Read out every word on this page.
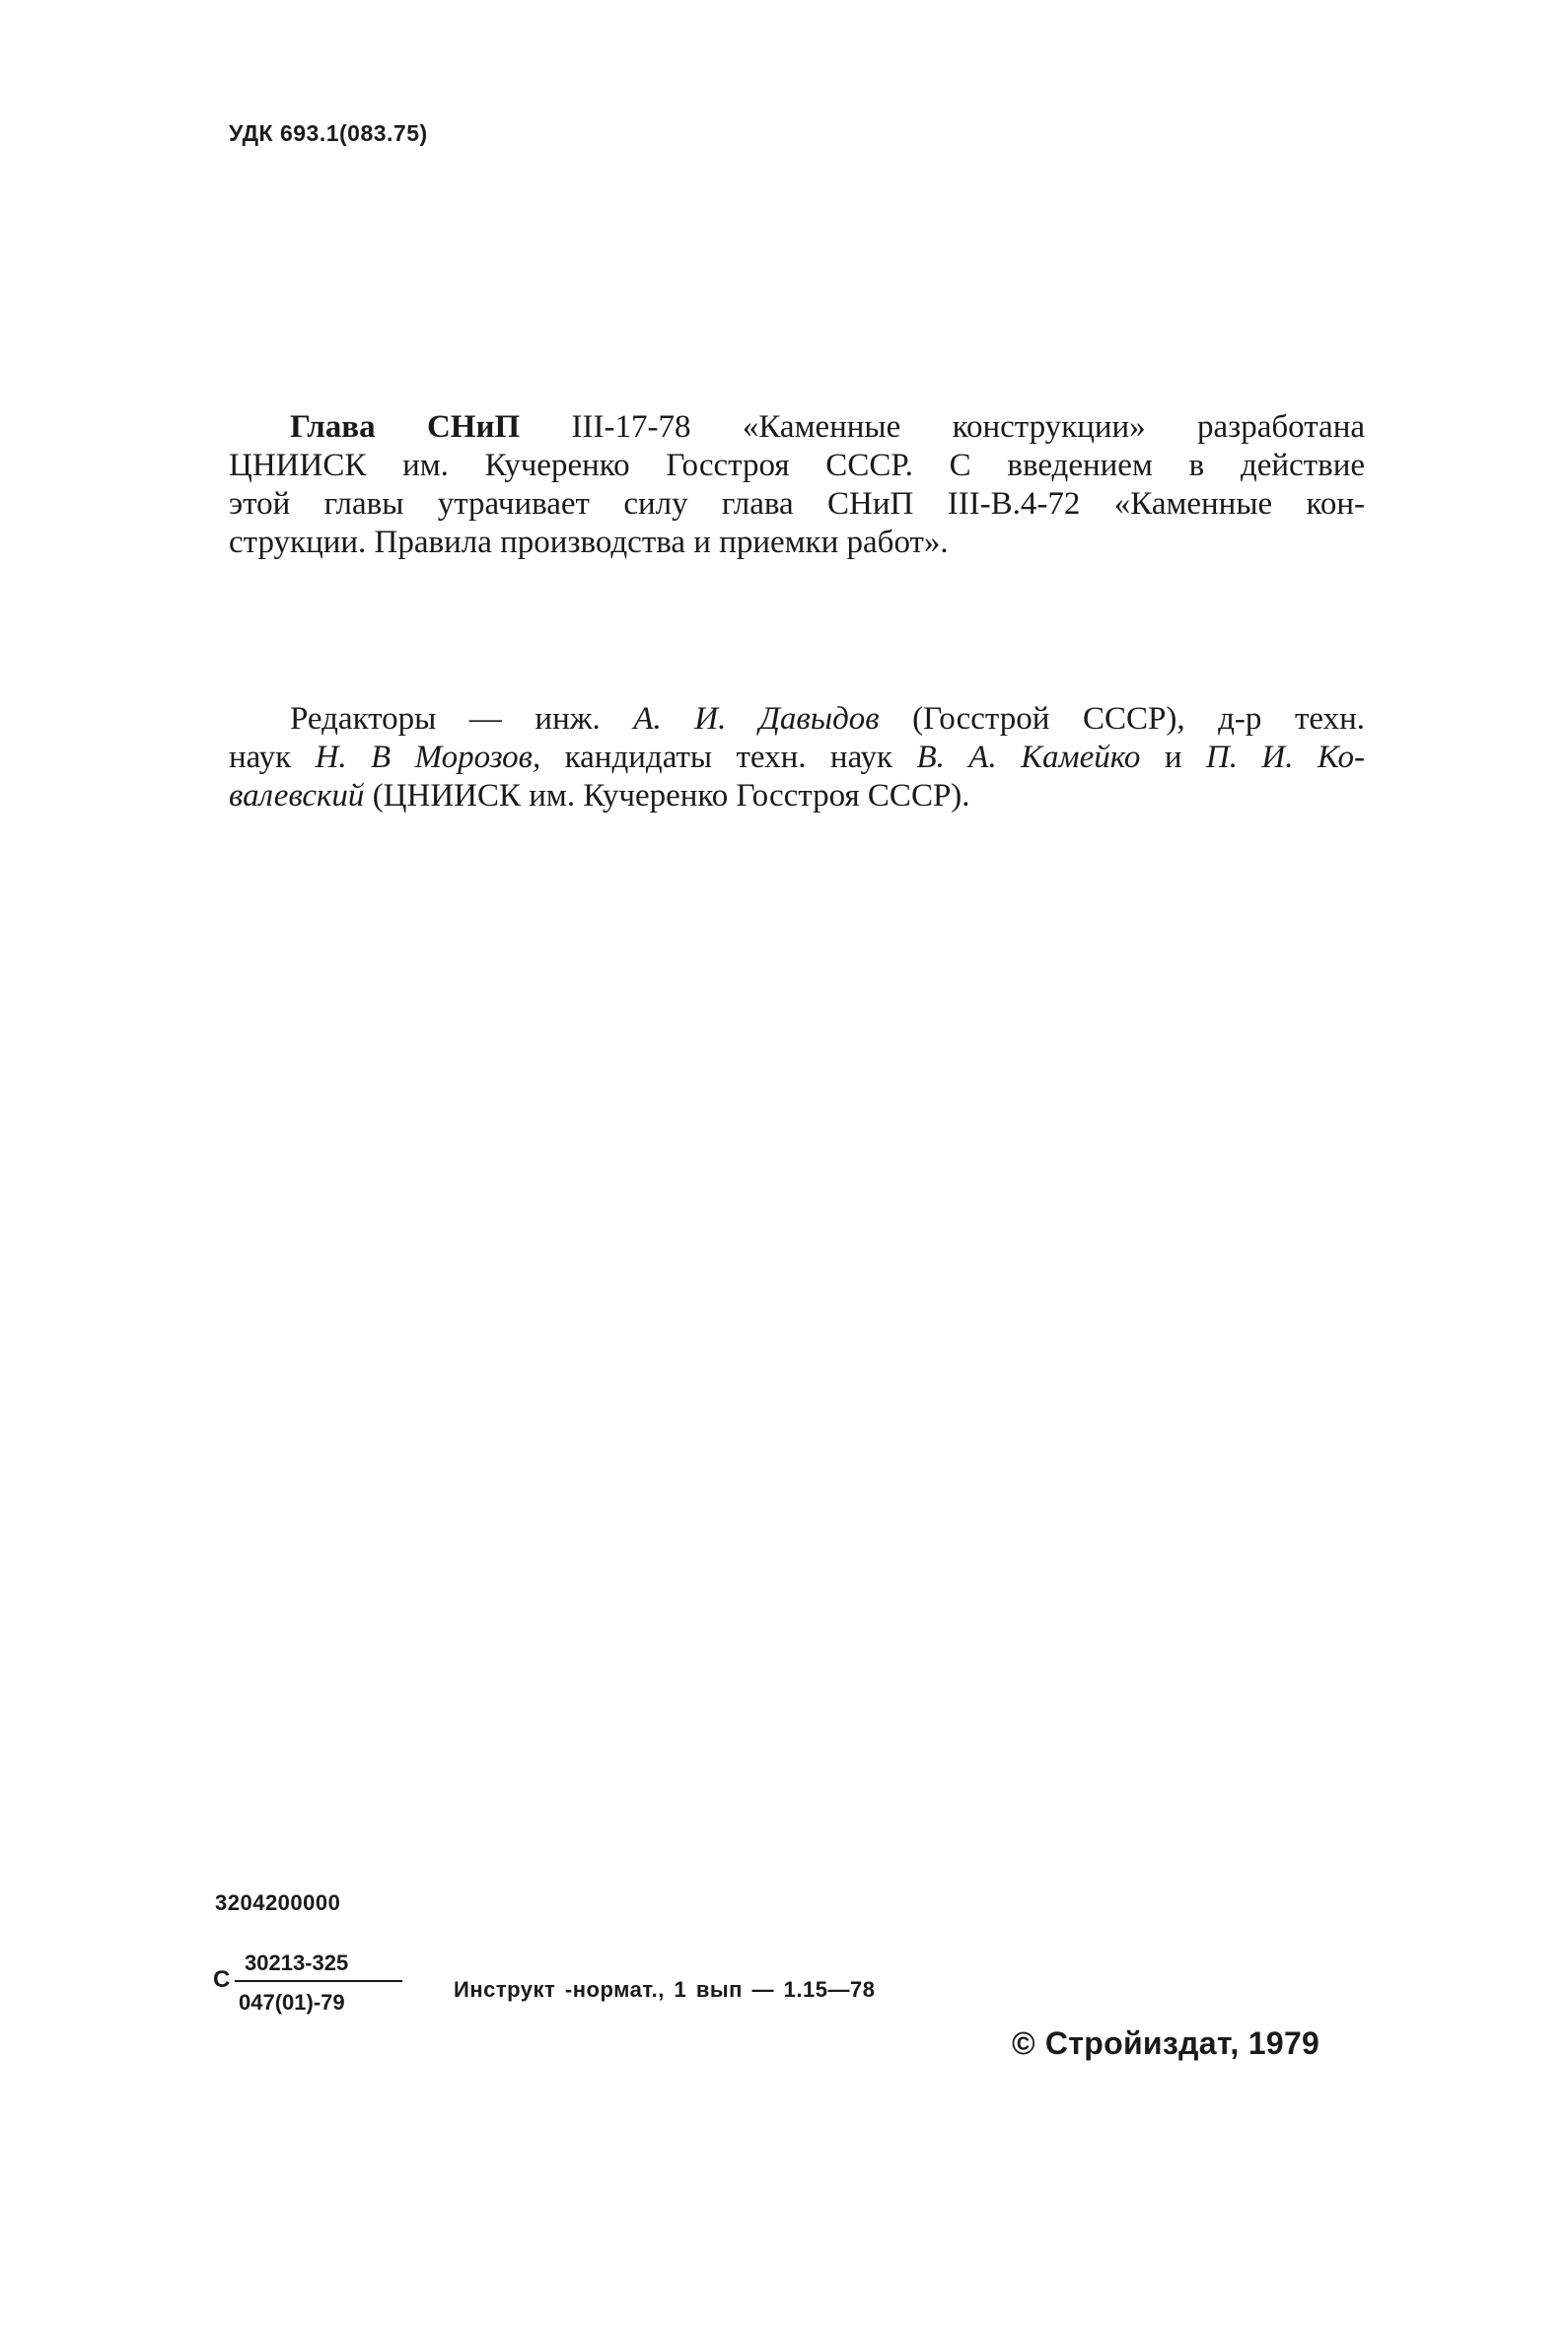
УДК 693.1(083.75)
Глава СНиП III-17-78 «Каменные конструкции» разработана
ЦНИИСК им. Кучеренко Госстроя СССР. С введением в действие
этой главы утрачивает силу глава СНиП III-В.4-72 «Каменные кон-
струкции. Правила производства и приемки работ».
Редакторы — инж. А. И. Давыдов (Госстрой СССР), д-р техн.
наук Н. В Морозов, кандидаты техн. наук В. А. Камейко и П. И. Ко-
валевский (ЦНИИСК им. Кучеренко Госстроя СССР).
3204200000
С
30213-325
047(01)-79
Инструкт -нормат., 1 вып — 1.15—78
© Стройиздат, 1979
